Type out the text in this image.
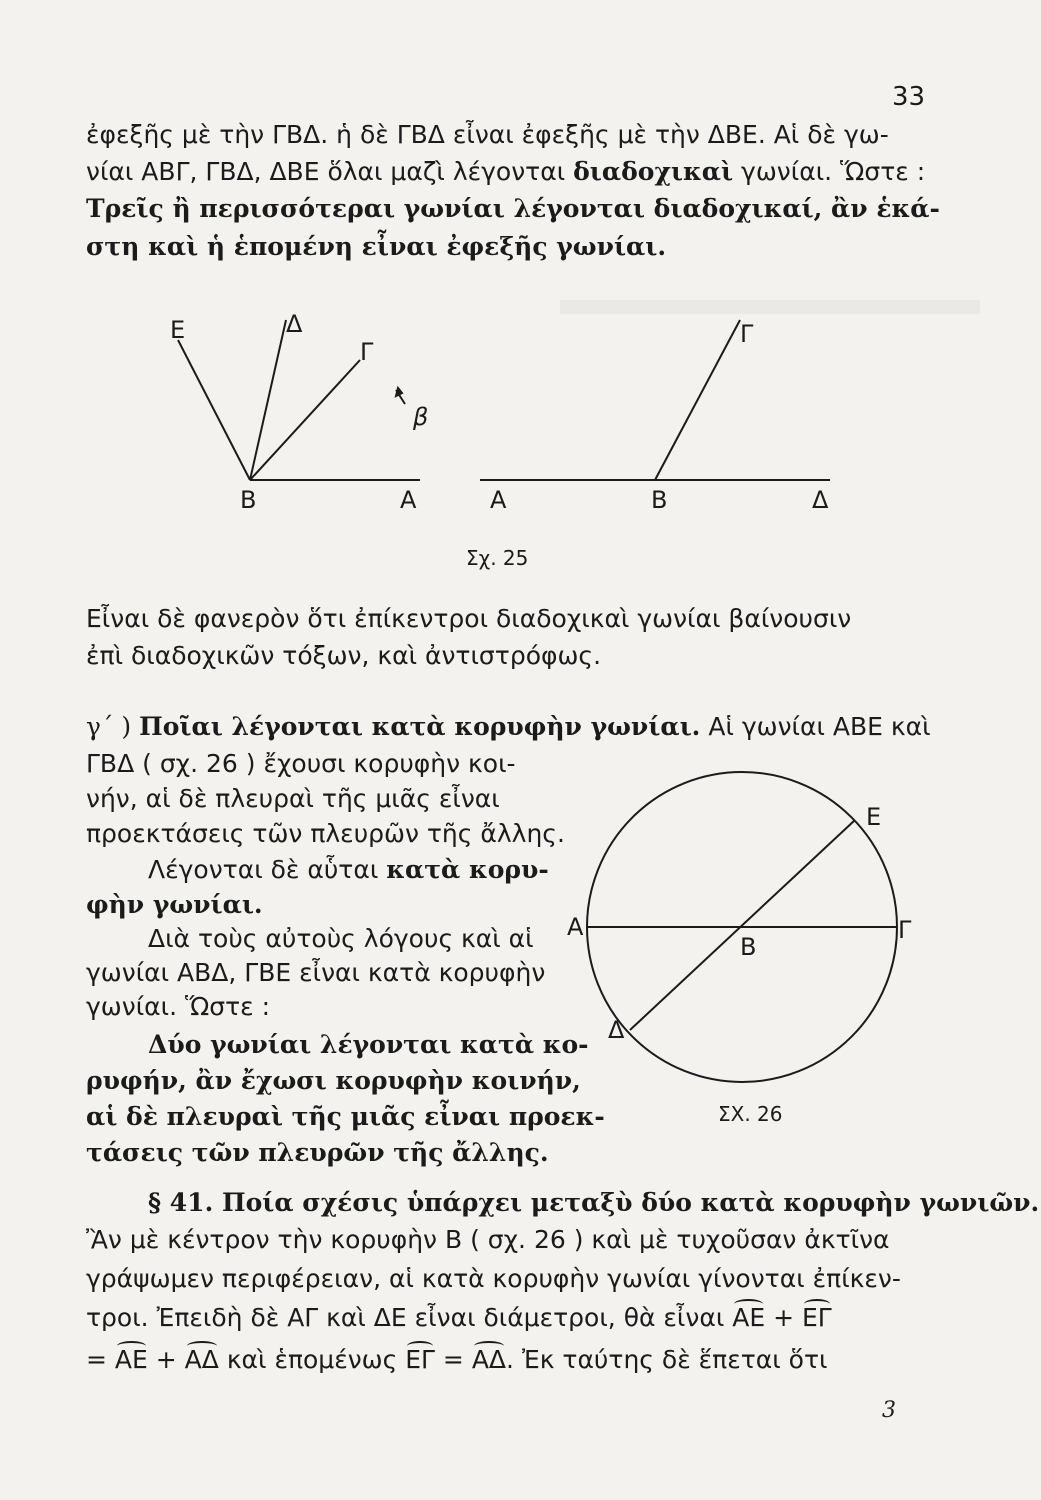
33
ἐφεξῆς μὲ τὴν ΓΒΔ. ἡ δὲ ΓΒΔ εἶναι ἐφεξῆς μὲ τὴν ΔΒΕ. Αἱ δὲ γω-
νίαι ΑΒΓ, ΓΒΔ, ΔΒΕ ὅλαι μαζὶ λέγονται διαδοχικαὶ γωνίαι. Ὥστε :
Τρεῖς ἢ περισσότεραι γωνίαι λέγονται διαδοχικαί, ἂν ἑκά-
στη καὶ ἡ ἑπομένη εἶναι ἐφεξῆς γωνίαι.
Ε	Δ
Γ
β
Β	Α
Γ
Α	Β	Δ
Σχ. 25
Εἶναι δὲ φανερὸν ὅτι ἐπίκεντροι διαδοχικαὶ γωνίαι βαίνουσιν
ἐπὶ διαδοχικῶν τόξων, καὶ ἀντιστρόφως.
γ΄ ) Ποῖαι λέγονται κατὰ κορυφὴν γωνίαι. Αἱ γωνίαι ΑΒΕ καὶ
ΓΒΔ ( σχ. 26 ) ἔχουσι κορυφὴν κοι-
νήν, αἱ δὲ πλευραὶ τῆς μιᾶς εἶναι
προεκτάσεις τῶν πλευρῶν τῆς ἄλλης.
Λέγονται δὲ αὗται κατὰ κορυ-
φὴν γωνίαι.
Διὰ τοὺς αὐτοὺς λόγους καὶ αἱ
γωνίαι ΑΒΔ, ΓΒΕ εἶναι κατὰ κορυφὴν
γωνίαι. Ὥστε :
Δύο γωνίαι λέγονται κατὰ κο-
ρυφήν, ἂν ἔχωσι κορυφὴν κοινήν,
αἱ δὲ πλευραὶ τῆς μιᾶς εἶναι προεκ-
τάσεις τῶν πλευρῶν τῆς ἄλλης.
Α
Β
Γ
Δ
Ε
ΣΧ. 26
§ 41. Ποία σχέσις ὑπάρχει μεταξὺ δύο κατὰ κορυφὴν γωνιῶν.
Ἂν μὲ κέντρον τὴν κορυφὴν Β ( σχ. 26 ) καὶ μὲ τυχοῦσαν ἀκτῖνα
γράψωμεν περιφέρειαν, αἱ κατὰ κορυφὴν γωνίαι γίνονται ἐπίκεν-
τροι. Ἐπειδὴ δὲ ΑΓ καὶ ΔΕ εἶναι διάμετροι, θὰ εἶναι ΑΕ + ΕΓ
= ΑΕ + ΑΔ καὶ ἑπομένως ΕΓ = ΑΔ. Ἐκ ταύτης δὲ ἕπεται ὅτι
3
